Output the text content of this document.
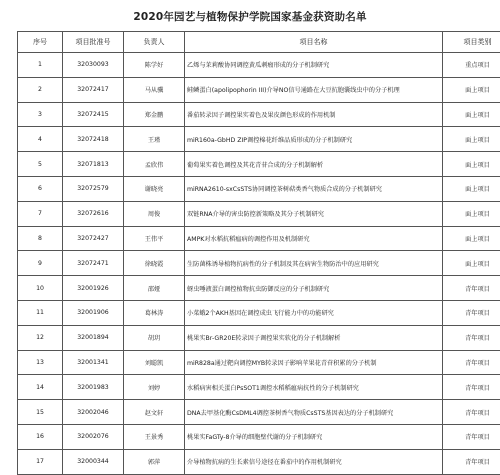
2020年园艺与植物保护学院国家基金获资助名单
序号	项目批准号	负责人	项目名称	项目类别
1	32030093	陈学好	乙烯与茉莉酸协同调控黄瓜刺瘤形成的分子机制研究	重点项目
2	32072417	马从骥	鲑鳞蛋白(apolipophorin III)介导NO信号通路在大豆抗胞囊线虫中的分子机理	面上项目
3	32072415	郑金鹏	番茄转录因子调控果实着色及果皮颜色形成的作用机制	面上项目
4	32072418	王瑾	miR160a-GbHD ZIP调控棉花纤维品质形成的分子机制研究	面上项目
5	32071813	孟欣伟	葡萄果实着色调控及其花青苷合成的分子机制解析	面上项目
6	32072579	谢晓亮	miRNA2610-sxCsSTS协同调控茶树萜类香气物质合成的分子机制研究	面上项目
7	32072616	周俊	双链RNA介导的害虫防控新策略及其分子机制研究	面上项目
8	32072427	王伟平	AMPK对水稻抗稻瘟病的调控作用及机制研究	面上项目
9	32072471	徐晓霞	生防菌株诱导植物抗病性的分子机制及其在病害生物防治中的应用研究	面上项目
10	32001926	邵娅	蚜虫唾液蛋白调控植物抗虫防御反应的分子机制研究	青年项目
11	32001906	葛林涛	小菜蛾2个AKH基因在调控成虫飞行能力中的功能研究	青年项目
12	32001894	胡玥	桃果实Br-GR20E转录因子调控果实软化的分子机制解析	青年项目
13	32001341	刘聪凯	miR828a通过靶向调控MYB转录因子影响苹果花青苷积累的分子机制	青年项目
14	32001983	刘婷	水稻病害相关蛋白PsSOT1调控水稻稻瘟病抗性的分子机制研究	青年项目
15	32002046	赵文轩	DNA去甲基化酶CsDML4调控茶树香气物质CsSTS基因表达的分子机制研究	青年项目
16	32002076	王景秀	桃果实FaGTy-8介导的细胞壁代谢的分子机制研究	青年项目
17	32000344	郭萍	介导植物抗病的生长素信号途径在番茄中的作用机制研究	青年项目
